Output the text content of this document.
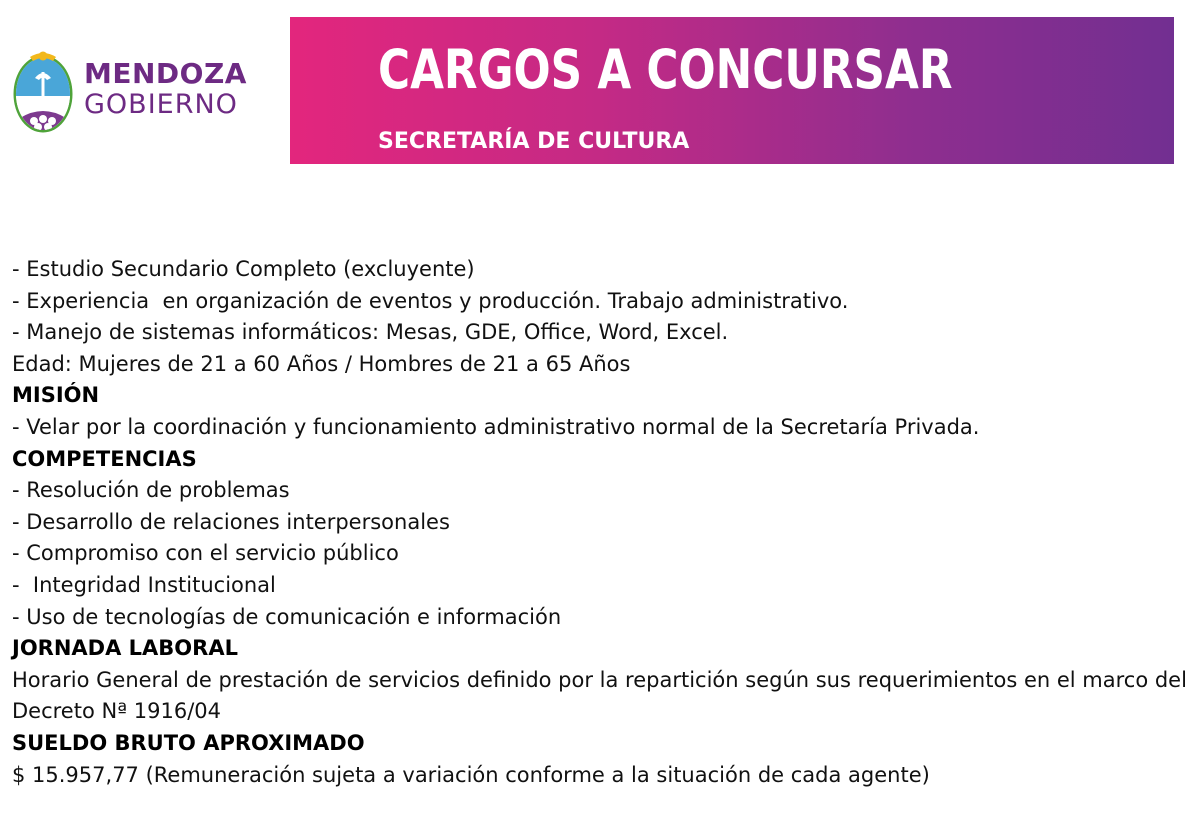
MENDOZA
GOBIERNO
CARGOS A CONCURSAR
SECRETARÍA DE CULTURA
- Estudio Secundario Completo (excluyente)
- Experiencia  en organización de eventos y producción. Trabajo administrativo.
- Manejo de sistemas informáticos: Mesas, GDE, Office, Word, Excel.
Edad: Mujeres de 21 a 60 Años / Hombres de 21 a 65 Años
MISIÓN
- Velar por la coordinación y funcionamiento administrativo normal de la Secretaría Privada.
COMPETENCIAS
- Resolución de problemas
- Desarrollo de relaciones interpersonales
- Compromiso con el servicio público
-  Integridad Institucional
- Uso de tecnologías de comunicación e información
JORNADA LABORAL
Horario General de prestación de servicios definido por la repartición según sus requerimientos en el marco del Decreto Nª 1916/04
SUELDO BRUTO APROXIMADO
$ 15.957,77 (Remuneración sujeta a variación conforme a la situación de cada agente)
